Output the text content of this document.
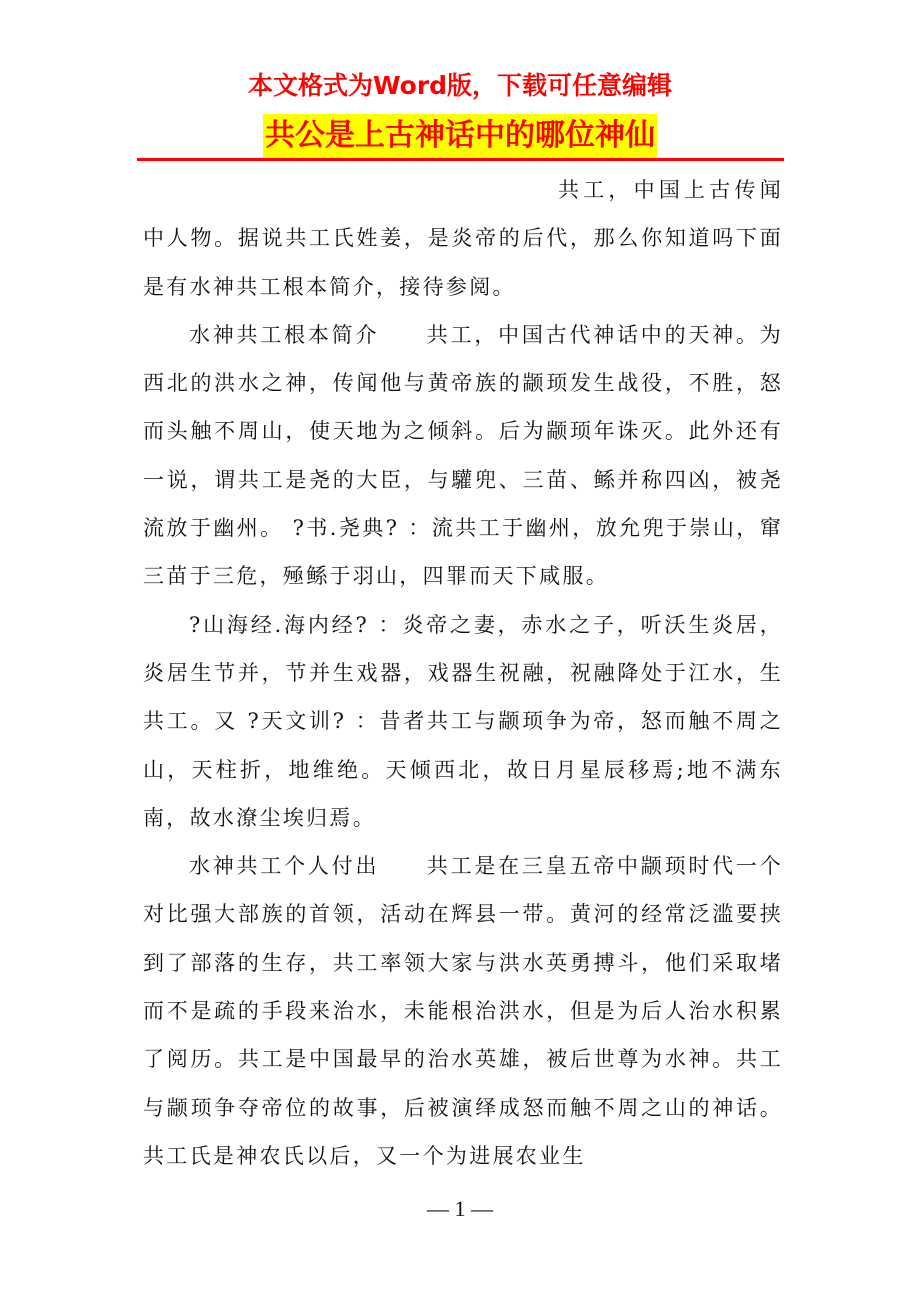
本文格式为Word版，下载可任意编辑
共公是上古神话中的哪位神仙

共工，中国上古传闻中人物。据说共工氏姓姜，是炎帝的后代，那么你知道吗下面是有水神共工根本简介，接待参阅。

水神共工根本简介　　共工，中国古代神话中的天神。为西北的洪水之神，传闻他与黄帝族的颛顼发生战役，不胜，怒而头触不周山，使天地为之倾斜。后为颛顼年诛灭。此外还有一说，谓共工是尧的大臣，与驩兜、三苗、鲧并称四凶，被尧流放于幽州。 ?书.尧典? ：流共工于幽州，放允兜于崇山，窜三苗于三危，殛鲧于羽山，四罪而天下咸服。

?山海经.海内经? ：炎帝之妻，赤水之子，听沃生炎居，炎居生节并，节并生戏器，戏器生祝融，祝融降处于江水，生共工。又 ?天文训? ：昔者共工与颛顼争为帝，怒而触不周之山，天柱折，地维绝。天倾西北，故日月星辰移焉;地不满东南，故水潦尘埃归焉。

水神共工个人付出　　共工是在三皇五帝中颛顼时代一个对比强大部族的首领，活动在辉县一带。黄河的经常泛滥要挟到了部落的生存，共工率领大家与洪水英勇搏斗，他们采取堵而不是疏的手段来治水，未能根治洪水，但是为后人治水积累了阅历。共工是中国最早的治水英雄，被后世尊为水神。共工与颛顼争夺帝位的故事，后被演绎成怒而触不周之山的神话。共工氏是神农氏以后，又一个为进展农业生

— 1 —
